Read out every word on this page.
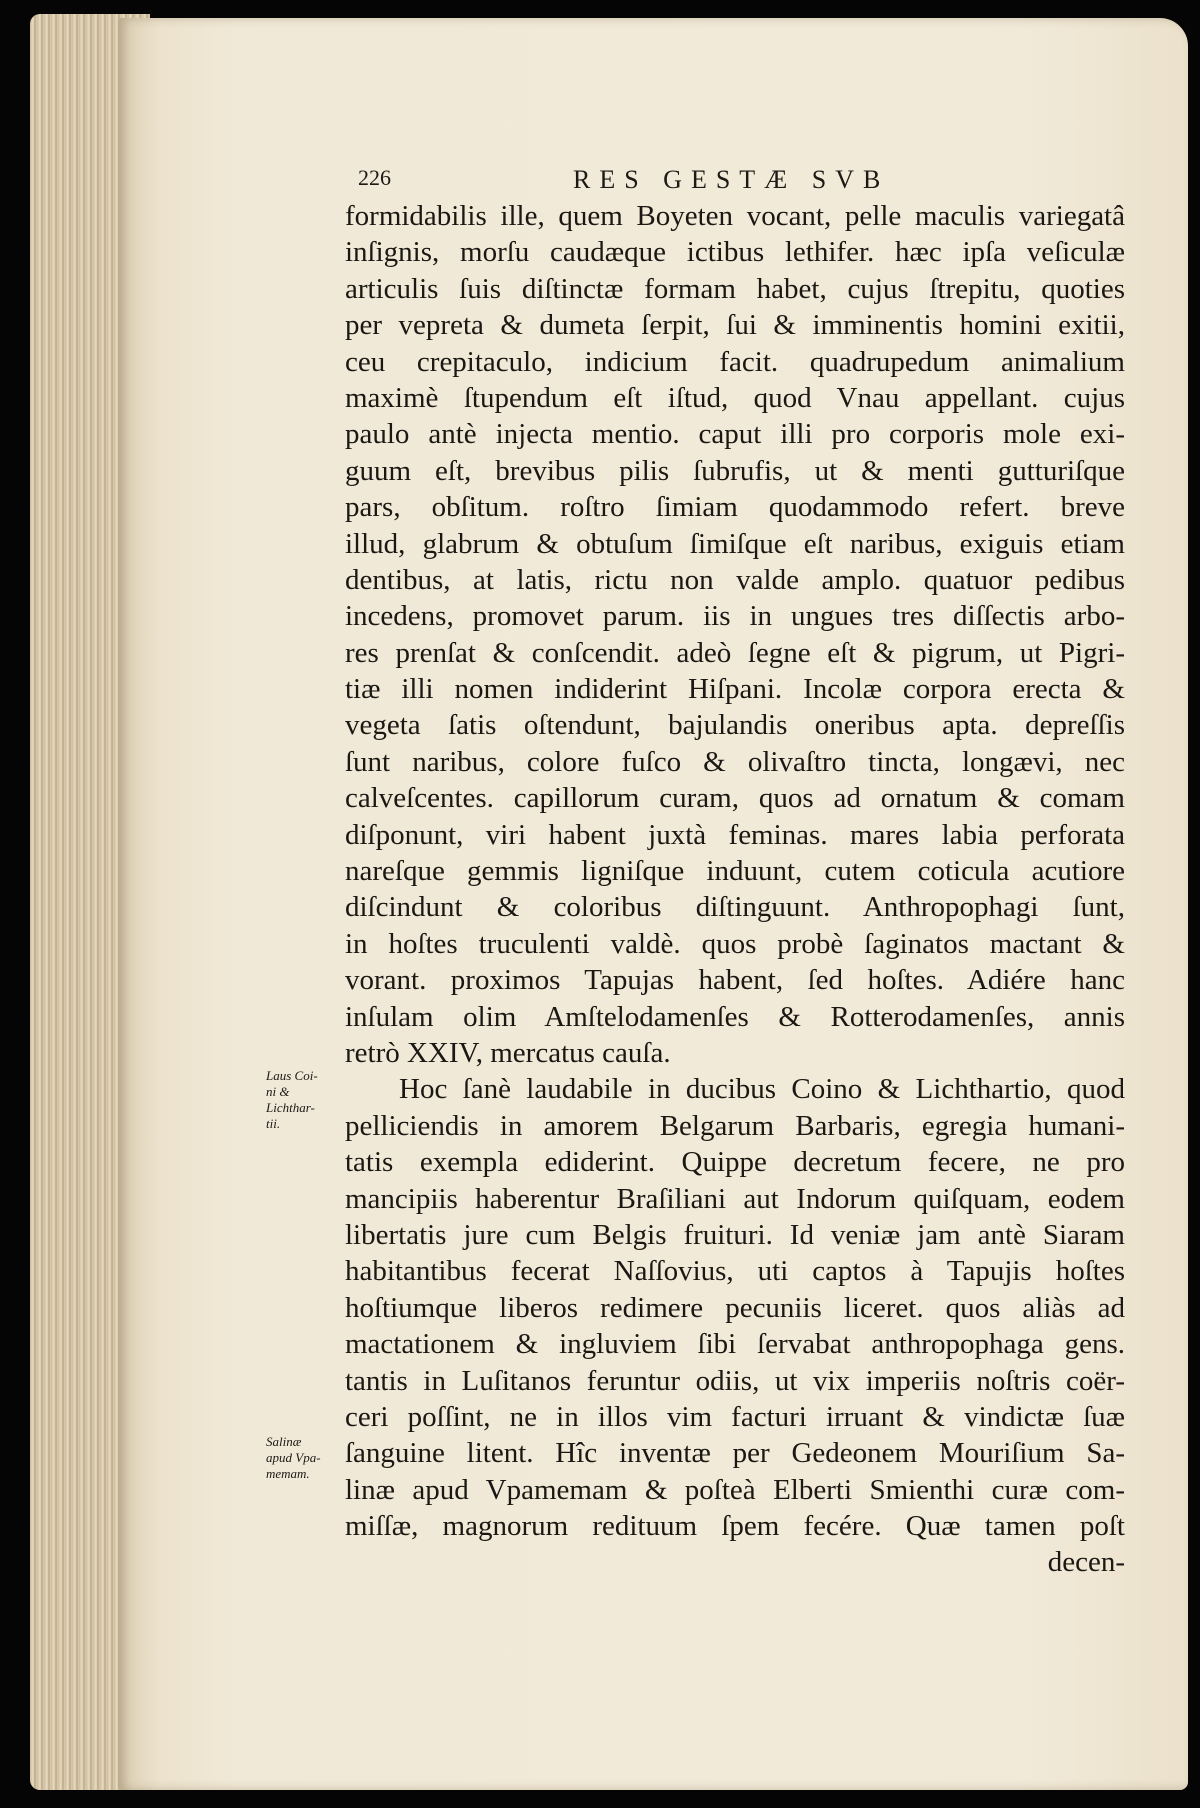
226	RES GESTÆ SVB
formidabilis ille, quem Boyeten vocant, pelle maculis variegatâ
inſignis, morſu caudæque ictibus lethifer. hæc ipſa veſiculæ
articulis ſuis diſtinctæ formam habet, cujus ſtrepitu, quoties
per vepreta & dumeta ſerpit, ſui & imminentis homini exitii,
ceu crepitaculo, indicium facit. quadrupedum animalium
maximè ſtupendum eſt iſtud, quod Vnau appellant. cujus
paulo antè injecta mentio. caput illi pro corporis mole exi-
guum eſt, brevibus pilis ſubrufis, ut & menti gutturiſque
pars, obſitum. roſtro ſimiam quodammodo refert. breve
illud, glabrum & obtuſum ſimiſque eſt naribus, exiguis etiam
dentibus, at latis, rictu non valde amplo. quatuor pedibus
incedens, promovet parum. iis in ungues tres diſſectis arbo-
res prenſat & conſcendit. adeò ſegne eſt & pigrum, ut Pigri-
tiæ illi nomen indiderint Hiſpani. Incolæ corpora erecta &
vegeta ſatis oſtendunt, bajulandis oneribus apta. depreſſis
ſunt naribus, colore fuſco & olivaſtro tincta, longævi, nec
calveſcentes. capillorum curam, quos ad ornatum & comam
diſponunt, viri habent juxtà feminas. mares labia perforata
nareſque gemmis ligniſque induunt, cutem coticula acutiore
diſcindunt & coloribus diſtinguunt. Anthropophagi ſunt,
in hoſtes truculenti valdè. quos probè ſaginatos mactant &
vorant. proximos Tapujas habent, ſed hoſtes. Adiére hanc
inſulam olim Amſtelodamenſes & Rotterodamenſes, annis
retrò XXIV, mercatus cauſa.
Hoc ſanè laudabile in ducibus Coino & Lichthartio, quod
pelliciendis in amorem Belgarum Barbaris, egregia humani-
tatis exempla ediderint. Quippe decretum fecere, ne pro
mancipiis haberentur Braſiliani aut Indorum quiſquam, eodem
libertatis jure cum Belgis fruituri. Id veniæ jam antè Siaram
habitantibus fecerat Naſſovius, uti captos à Tapujis hoſtes
hoſtiumque liberos redimere pecuniis liceret. quos aliàs ad
mactationem & ingluviem ſibi ſervabat anthropophaga gens.
tantis in Luſitanos feruntur odiis, ut vix imperiis noſtris coër-
ceri poſſint, ne in illos vim facturi irruant & vindictæ ſuæ
ſanguine litent. Hîc inventæ per Gedeonem Mouriſium Sa-
linæ apud Vpamemam & poſteà Elberti Smienthi curæ com-
miſſæ, magnorum redituum ſpem fecére. Quæ tamen poſt
decen-
Laus Coi-
ni &
Lichthar-
tii.
Salinæ
apud Vpa-
memam.
